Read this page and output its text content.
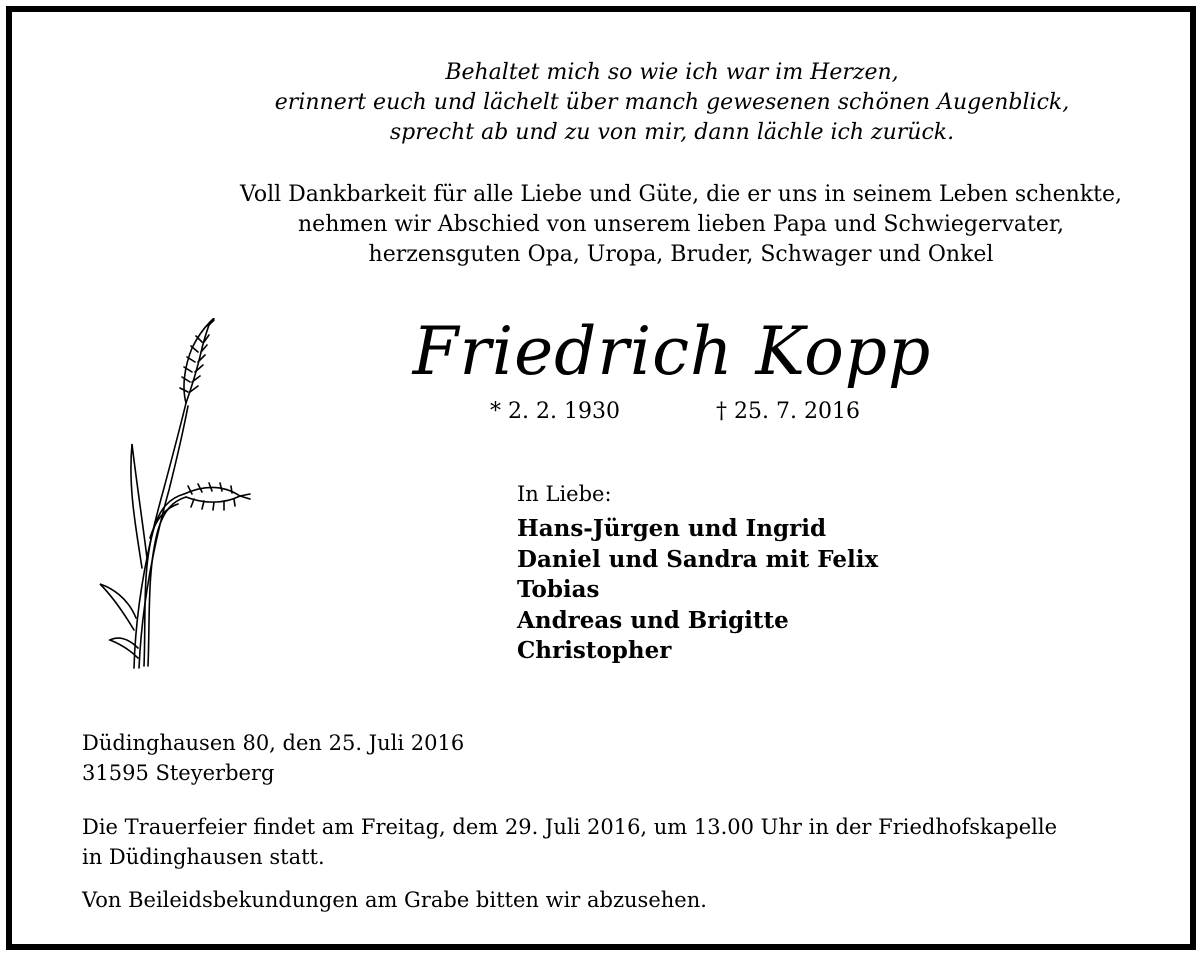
Behaltet mich so wie ich war im Herzen,
erinnert euch und lächelt über manch gewesenen schönen Augenblick,
sprecht ab und zu von mir, dann lächle ich zurück.
Voll Dankbarkeit für alle Liebe und Güte, die er uns in seinem Leben schenkte,
nehmen wir Abschied von unserem lieben Papa und Schwiegervater,
herzensguten Opa, Uropa, Bruder, Schwager und Onkel
Friedrich Kopp
* 2. 2. 1930	† 25. 7. 2016
In Liebe:
Hans-Jürgen und Ingrid
Daniel und Sandra mit Felix
Tobias
Andreas und Brigitte
Christopher
Düdinghausen 80, den 25. Juli 2016
31595 Steyerberg
Die Trauerfeier findet am Freitag, dem 29. Juli 2016, um 13.00 Uhr in der Friedhofskapelle
in Düdinghausen statt.
Von Beileidsbekundungen am Grabe bitten wir abzusehen.
